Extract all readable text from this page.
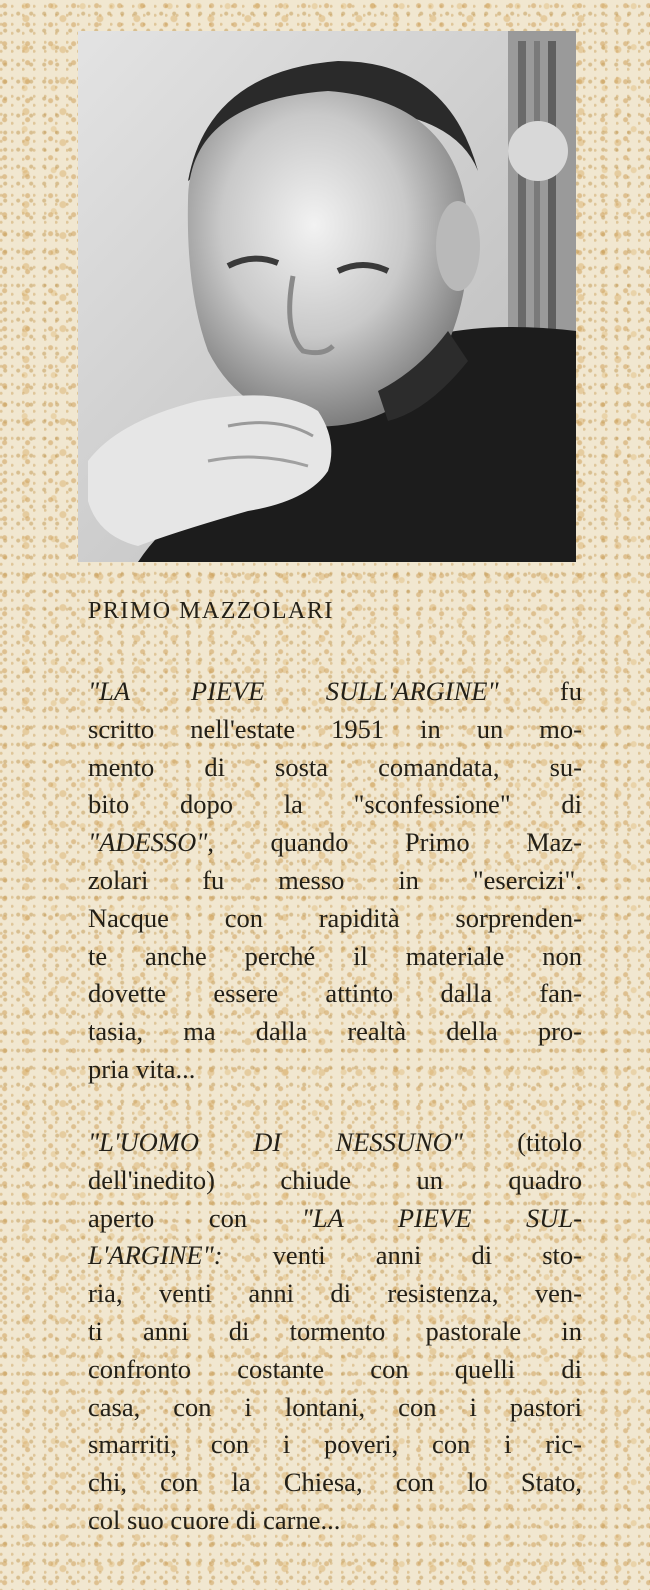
PRIMO MAZZOLARI
"LA PIEVE SULL'ARGINE" fu
scritto nell'estate 1951 in un mo-
mento di sosta comandata, su-
bito dopo la "sconfessione" di
"ADESSO", quando Primo Maz-
zolari fu messo in "esercizi".
Nacque con rapidità sorprenden-
te anche perché il materiale non
dovette essere attinto dalla fan-
tasia, ma dalla realtà della pro-
pria vita...
"L'UOMO DI NESSUNO" (titolo
dell'inedito) chiude un quadro
aperto con "LA PIEVE SUL-
L'ARGINE": venti anni di sto-
ria, venti anni di resistenza, ven-
ti anni di tormento pastorale in
confronto costante con quelli di
casa, con i lontani, con i pastori
smarriti, con i poveri, con i ric-
chi, con la Chiesa, con lo Stato,
col suo cuore di carne...
